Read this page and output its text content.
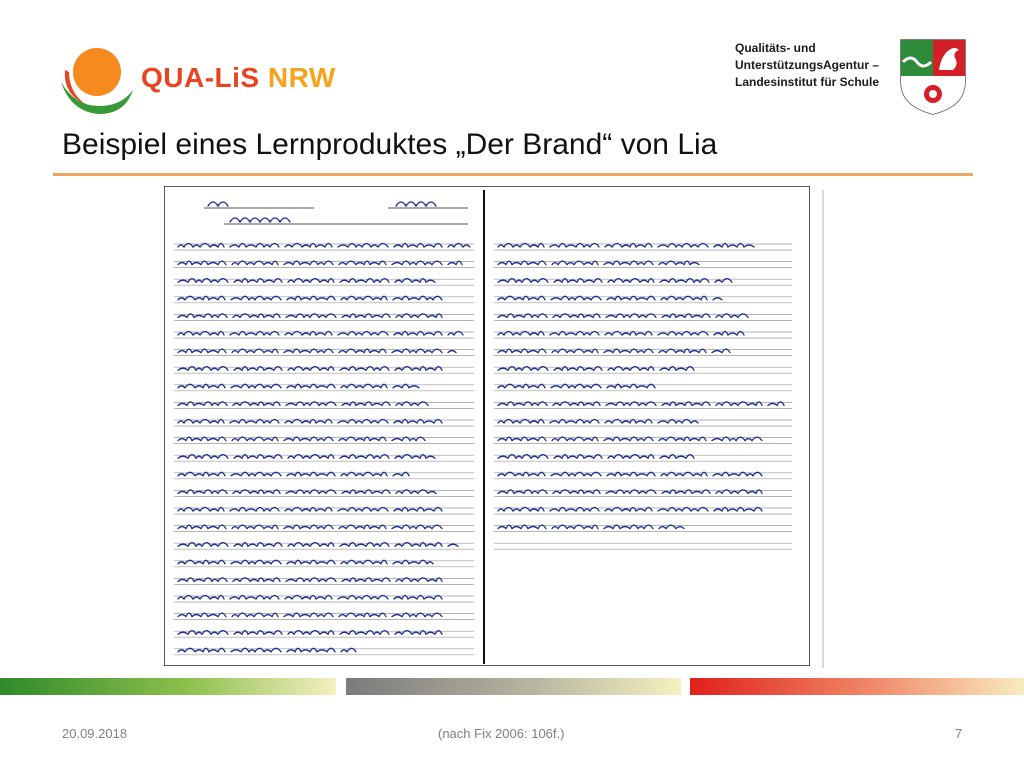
QUA-LiS NRW
Qualitäts- und
UnterstützungsAgentur –
Landesinstitut für Schule
Beispiel eines Lernproduktes „Der Brand“ von Lia
20.09.2018	(nach Fix 2006: 106f.)	7
